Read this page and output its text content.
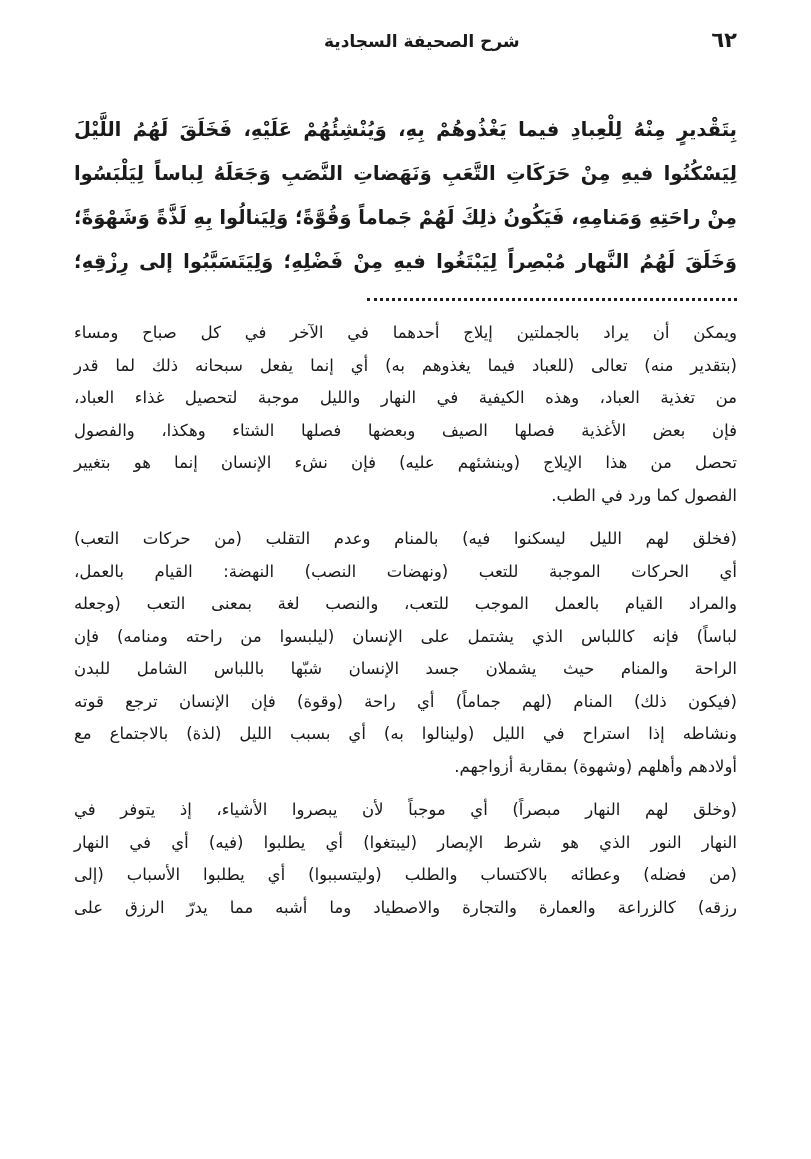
٦٢
شرح الصحيفة السجادية
بِتَقْديرٍ مِنْهُ لِلْعِبادِ فيما يَغْذُوهُمْ بِهِ، وَيُنْشِئُهُمْ عَلَيْهِ، فَخَلَقَ لَهُمُ اللَّيْلَ
لِيَسْكُنُوا فيهِ مِنْ حَرَكَاتِ التَّعَبِ وَنَهَضاتِ النَّصَبِ وَجَعَلَهُ لِباساً لِيَلْبَسُوا
مِنْ راحَتِهِ وَمَنامِهِ، فَيَكُونُ ذلِكَ لَهُمْ جَماماً وَقُوَّةً؛ وَلِيَنالُوا بِهِ لَذَّةً وَشَهْوَةً؛
وَخَلَقَ لَهُمُ النَّهار مُبْصِراً لِيَبْتَغُوا فيهِ مِنْ فَضْلِهِ؛ وَلِيَتَسَبَّبُوا إلى رِزْقِهِ؛
ويمكن أن يراد بالجملتين إيلاج أحدهما في الآخر في كل صباح ومساء
(بتقدير منه) تعالى (للعباد فيما يغذوهم به) أي إنما يفعل سبحانه ذلك لما قدر
من تغذية العباد، وهذه الكيفية في النهار والليل موجبة لتحصيل غذاء العباد،
فإن بعض الأغذية فصلها الصيف وبعضها فصلها الشتاء وهكذا، والفصول
تحصل من هذا الإيلاج (وينشئهم عليه) فإن نشء الإنسان إنما هو بتغيير
الفصول كما ورد في الطب.
(فخلق لهم الليل ليسكنوا فيه) بالمنام وعدم التقلب (من حركات التعب)
أي الحركات الموجبة للتعب (ونهضات النصب) النهضة: القيام بالعمل،
والمراد القيام بالعمل الموجب للتعب، والنصب لغة بمعنى التعب (وجعله
لباساً) فإنه كاللباس الذي يشتمل على الإنسان (ليلبسوا من راحته ومنامه) فإن
الراحة والمنام حيث يشملان جسد الإنسان شبّها باللباس الشامل للبدن
(فيكون ذلك) المنام (لهم جماماً) أي راحة (وقوة) فإن الإنسان ترجع قوته
ونشاطه إذا استراح في الليل (ولينالوا به) أي بسبب الليل (لذة) بالاجتماع مع
أولادهم وأهلهم (وشهوة) بمقاربة أزواجهم.
(وخلق لهم النهار مبصراً) أي موجباً لأن يبصروا الأشياء، إذ يتوفر في
النهار النور الذي هو شرط الإبصار (ليبتغوا) أي يطلبوا (فيه) أي في النهار
(من فضله) وعطائه بالاكتساب والطلب (وليتسببوا) أي يطلبوا الأسباب (إلى
رزقه) كالزراعة والعمارة والتجارة والاصطياد وما أشبه مما يدرّ الرزق على
